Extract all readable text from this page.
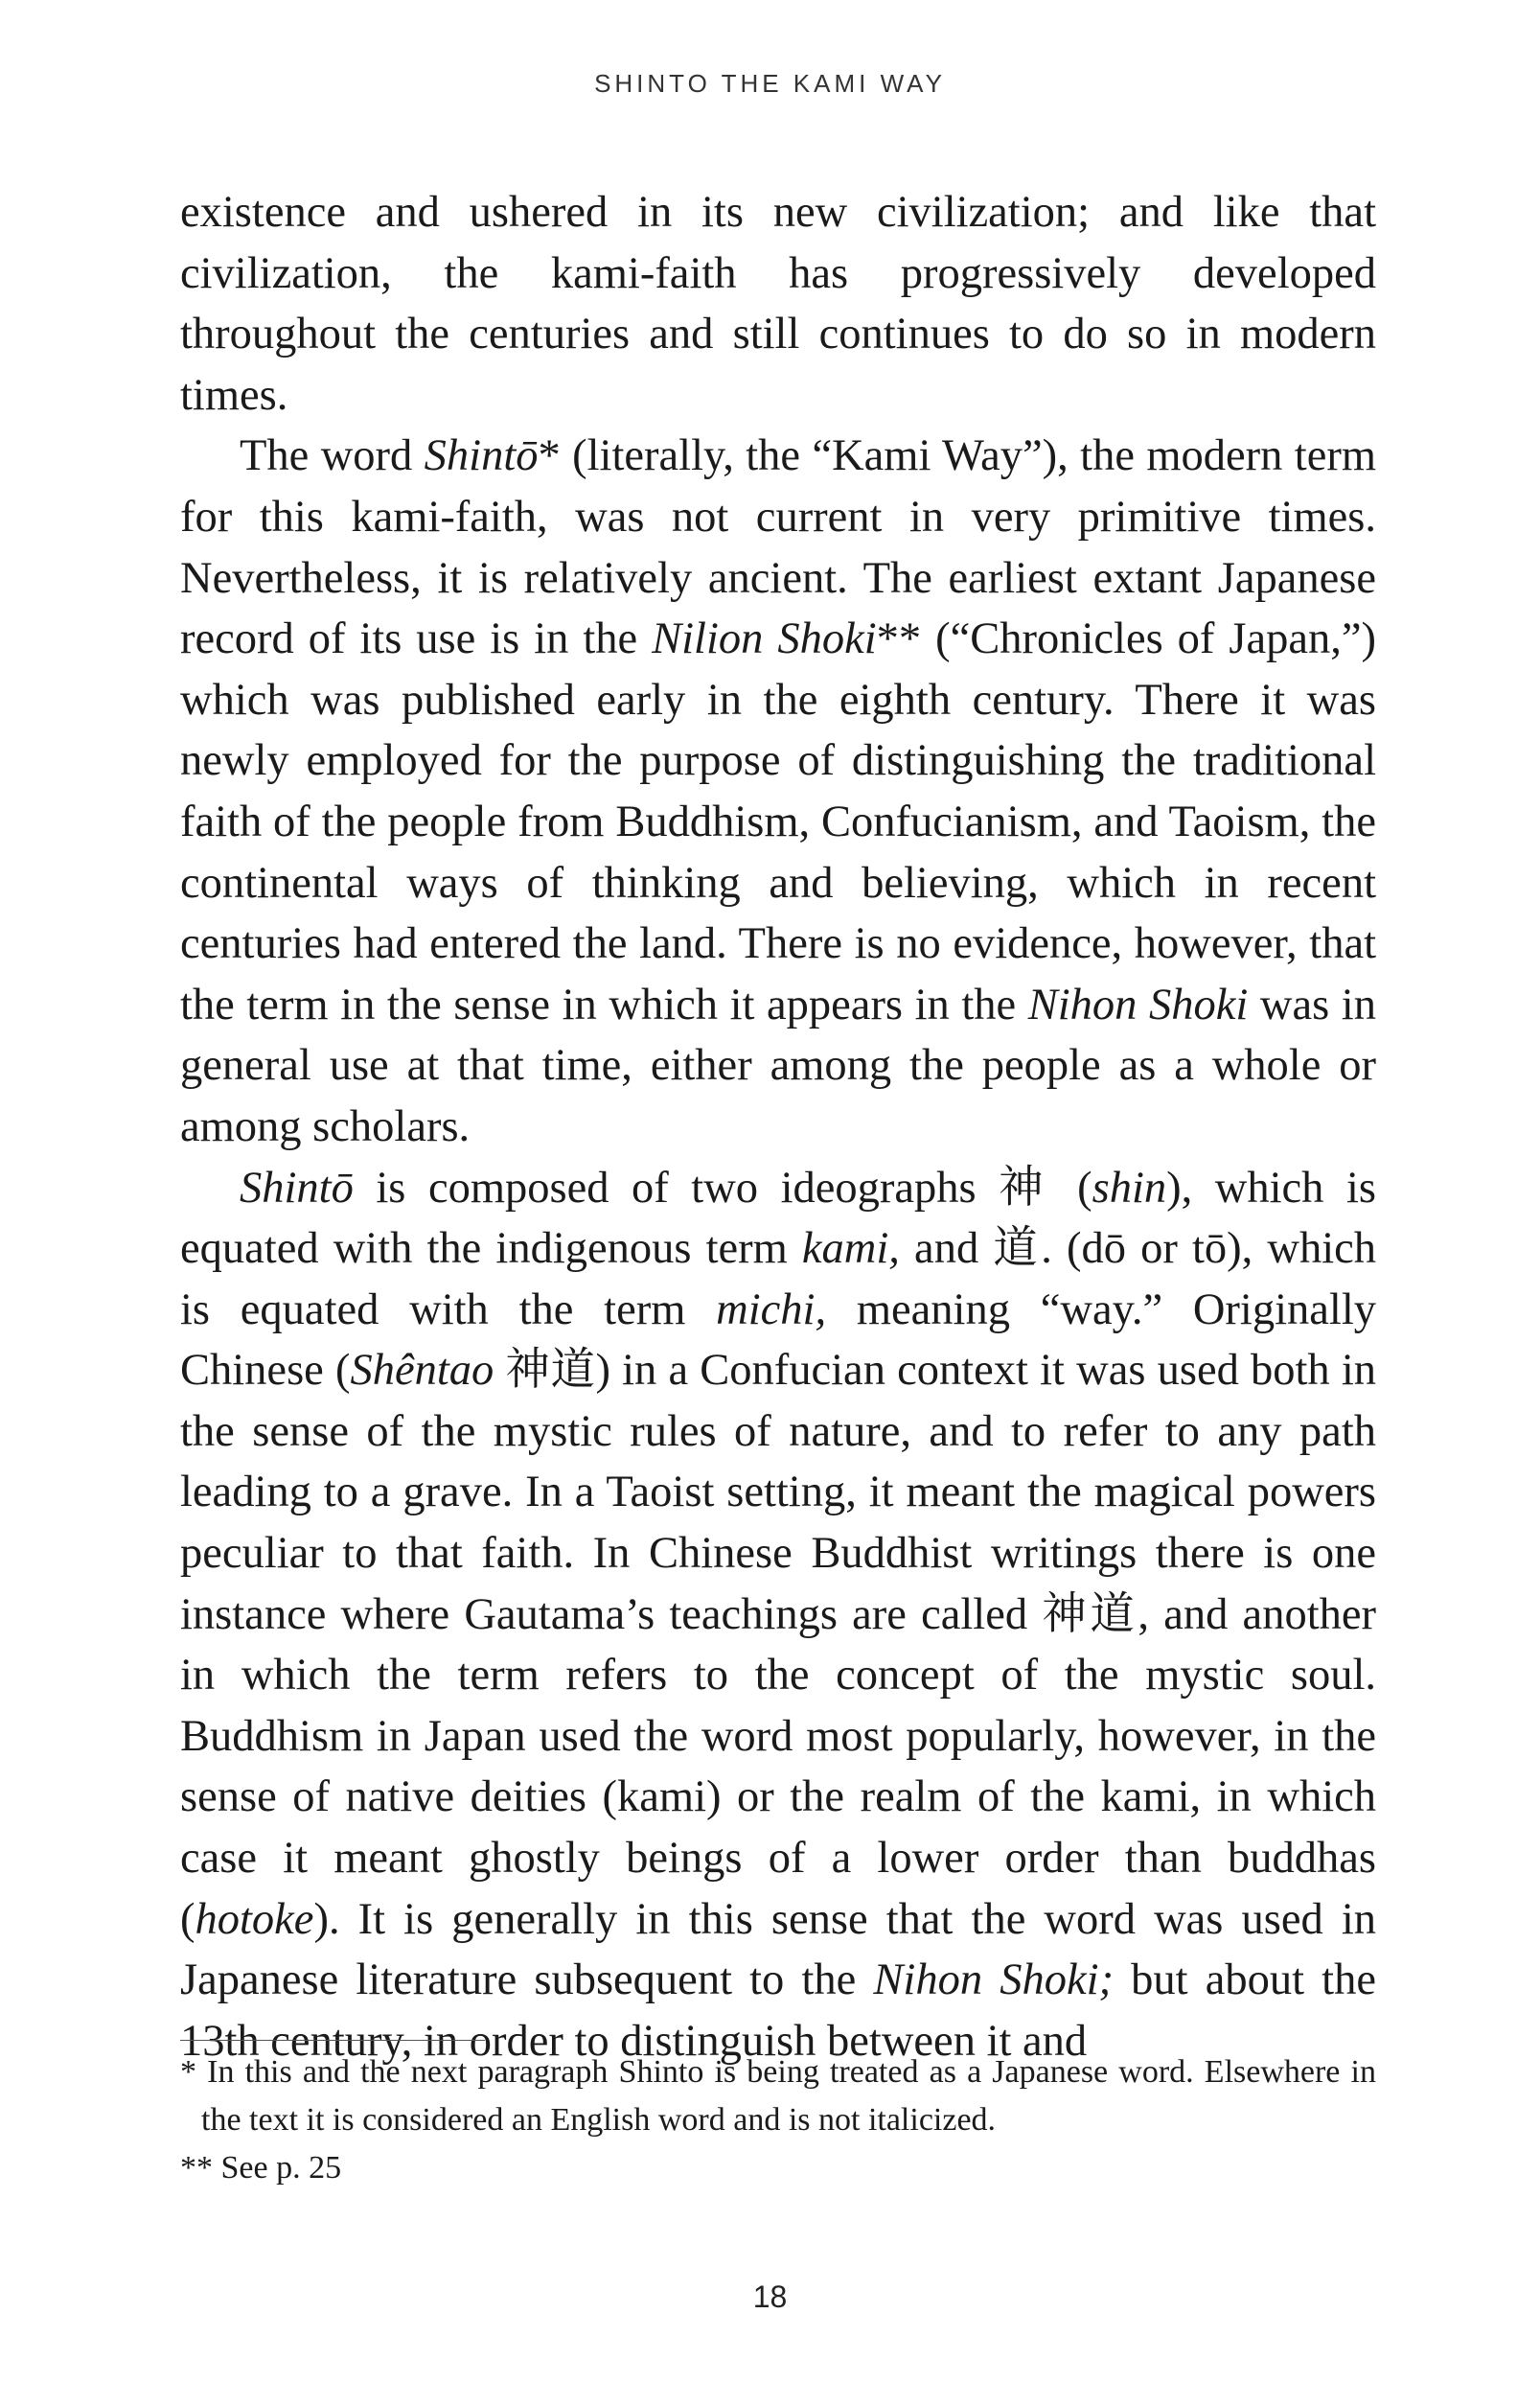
SHINTO THE KAMI WAY

existence and ushered in its new civilization; and like that civilization, the kami-faith has progressively developed throughout the centuries and still continues to do so in modern times.

The word Shintō* (literally, the “Kami Way”), the modern term for this kami-faith, was not current in very primitive times. Nevertheless, it is relatively ancient. The earliest extant Japanese record of its use is in the Nilion Shoki** (“Chronicles of Japan,”) which was published early in the eighth century. There it was newly employed for the purpose of distinguishing the traditional faith of the people from Buddhism, Confucianism, and Taoism, the continental ways of thinking and believing, which in recent centuries had entered the land. There is no evidence, however, that the term in the sense in which it appears in the Nihon Shoki was in general use at that time, either among the people as a whole or among scholars.

Shintō is composed of two ideographs 神 (shin), which is equated with the indigenous term kami, and 道. (dō or tō), which is equated with the term michi, meaning “way.” Originally Chinese (Shêntao 神道) in a Confucian context it was used both in the sense of the mystic rules of nature, and to refer to any path leading to a grave. In a Taoist setting, it meant the magical powers peculiar to that faith. In Chinese Buddhist writings there is one instance where Gautama’s teachings are called 神道, and another in which the term refers to the concept of the mystic soul. Buddhism in Japan used the word most popularly, however, in the sense of native deities (kami) or the realm of the kami, in which case it meant ghostly beings of a lower order than buddhas (hotoke). It is generally in this sense that the word was used in Japanese literature subsequent to the Nihon Shoki; but about the 13th century, in order to distinguish between it and

* In this and the next paragraph Shinto is being treated as a Japanese word. Elsewhere in the text it is considered an English word and is not italicized.

** See p. 25

18
